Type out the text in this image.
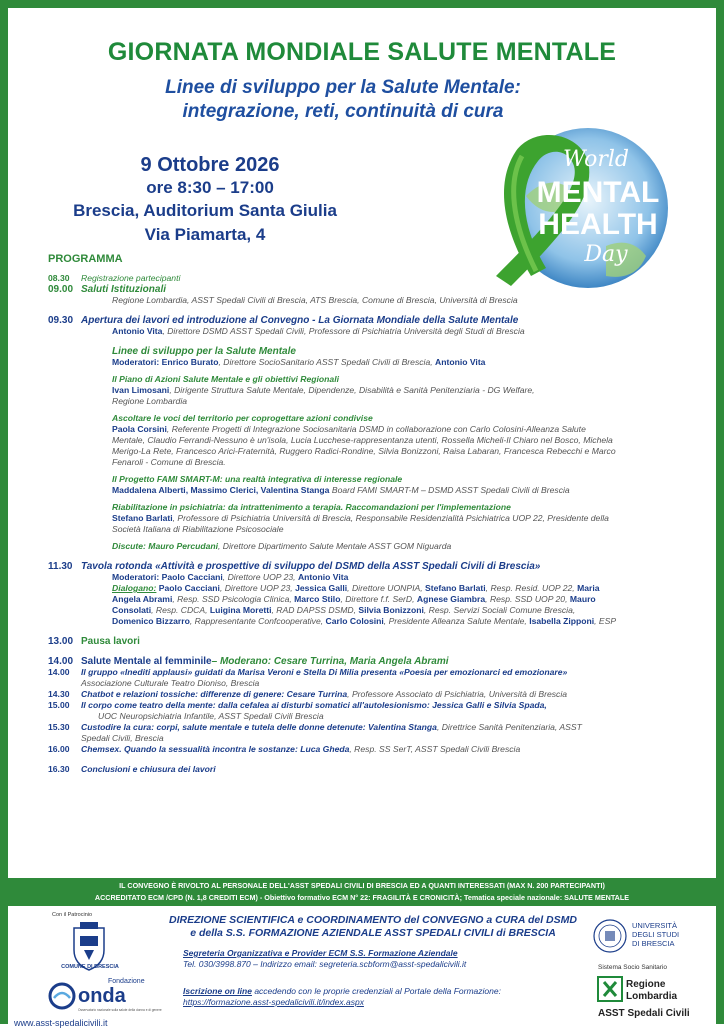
GIORNATA MONDIALE SALUTE MENTALE
Linee di sviluppo per la Salute Mentale:
integrazione, reti, continuità di cura
9 Ottobre 2026
ore 8:30 – 17:00
Brescia, Auditorium Santa Giulia
Via Piamarta, 4
World
MENTAL
HEALTH
Day
PROGRAMMA
08.30	Registrazione partecipanti
09.00 Saluti Istituzionali
Regione Lombardia, ASST Spedali Civili di Brescia, ATS Brescia, Comune di Brescia, Università di Brescia
09.30 Apertura dei lavori ed introduzione al Convegno - La Giornata Mondiale della Salute Mentale
Antonio Vita, Direttore DSMD ASST Spedali Civili, Professore di Psichiatria Università degli Studi di Brescia
Linee di sviluppo per la Salute Mentale
Moderatori: Enrico Burato, Direttore SocioSanitario ASST Spedali Civili di Brescia, Antonio Vita
Il Piano di Azioni Salute Mentale e gli obiettivi Regionali
Ivan Limosani, Dirigente Struttura Salute Mentale, Dipendenze, Disabilità e Sanità Penitenziaria - DG Welfare,
Regione Lombardia
Ascoltare le voci del territorio per coprogettare azioni condivise
Paola Corsini, Referente Progetti di Integrazione Sociosanitaria DSMD in collaborazione con Carlo Colosini-Alleanza Salute
Mentale, Claudio Ferrandi-Nessuno è un'isola, Lucia Lucchese-rappresentanza utenti, Rossella Micheli-Il Chiaro nel Bosco, Michela
Merigo-La Rete, Francesco Arici-Fraternità, Ruggero Radici-Rondine, Silvia Bonizzoni, Raisa Labaran, Francesca Rebecchi e Marco
Fenaroli - Comune di Brescia.
Il Progetto FAMI SMART-M: una realtà integrativa di interesse regionale
Maddalena Alberti, Massimo Clerici, Valentina Stanga Board FAMI SMART-M – DSMD ASST Spedali Civili di Brescia
Riabilitazione in psichiatria: da intrattenimento a terapia. Raccomandazioni per l'implementazione
Stefano Barlati, Professore di Psichiatria Università di Brescia, Responsabile Residenzialità Psichiatrica UOP 22, Presidente della
Società Italiana di Riabilitazione Psicosociale
Discute: Mauro Percudani, Direttore Dipartimento Salute Mentale ASST GOM Niguarda
11.30 Tavola rotonda «Attività e prospettive di sviluppo del DSMD della ASST Spedali Civili di Brescia»
Moderatori: Paolo Cacciani, Direttore UOP 23, Antonio Vita
Dialogano: Paolo Cacciani, Direttore UOP 23, Jessica Galli, Direttore UONPIA, Stefano Barlati, Resp. Resid. UOP 22, Maria
Angela Abrami, Resp. SSD Psicologia Clinica, Marco Stilo, Direttore f.f. SerD, Agnese Giambra, Resp. SSD UOP 20, Mauro
Consolati, Resp. CDCA, Luigina Moretti, RAD DAPSS DSMD, Silvia Bonizzoni, Resp. Servizi Sociali Comune Brescia,
Domenico Bizzarro, Rappresentante Confcooperative, Carlo Colosini, Presidente Alleanza Salute Mentale, Isabella Zipponi, ESP
13.00 Pausa lavori
14.00 Salute Mentale al femminile – Moderano: Cesare Turrina, Maria Angela Abrami
14.00	Il gruppo «Inediti applausi» guidati da Marisa Veroni e Stella Di Milia presenta «Poesia per emozionarci ed emozionare»
Associazione Culturale Teatro Dioniso, Brescia
14.30	Chatbot e relazioni tossiche: differenze di genere: Cesare Turrina, Professore Associato di Psichiatria, Università di Brescia
15.00	Il corpo come teatro della mente: dalla cefalea ai disturbi somatici all'autolesionismo: Jessica Galli e Silvia Spada,
UOC Neuropsichiatria Infantile, ASST Spedali Civili Brescia
15.30	Custodire la cura: corpi, salute mentale e tutela delle donne detenute: Valentina Stanga, Direttrice Sanità Penitenziaria, ASST
Spedali Civili, Brescia
16.00	Chemsex. Quando la sessualità incontra le sostanze: Luca Gheda, Resp. SS SerT, ASST Spedali Civili Brescia
16.30	Conclusioni e chiusura dei lavori
IL CONVEGNO È RIVOLTO AL PERSONALE DELL'ASST SPEDALI CIVILI DI BRESCIA ED A QUANTI INTERESSATI (MAX N. 200 PARTECIPANTI)
ACCREDITATO ECM /CPD (N. 1,8 CREDITI ECM) - Obiettivo formativo ECM N° 22: FRAGILITÀ E CRONICITÀ; Tematica speciale nazionale: SALUTE MENTALE
Con il Patrocinio
COMUNE DI BRESCIA
Fondazione
onda
Osservatorio nazionale sulla salute della donna e di genere
www.asst-spedalicivili.it
DIREZIONE SCIENTIFICA e COORDINAMENTO del CONVEGNO a CURA del DSMD
e della S.S. FORMAZIONE AZIENDALE ASST SPEDALI CIVILI di BRESCIA
Segreteria Organizzativa e Provider ECM S.S. Formazione Aziendale
Tel. 030/3998.870 – Indirizzo email: segreteria.scbform@asst-spedalicivili.it
Iscrizione on line accedendo con le proprie credenziali al Portale della Formazione:
https://formazione.asst-spedalicivili.it/index.aspx
UNIVERSITÀ
DEGLI STUDI
DI BRESCIA
Sistema Socio Sanitario
Regione
Lombardia
ASST Spedali Civili
